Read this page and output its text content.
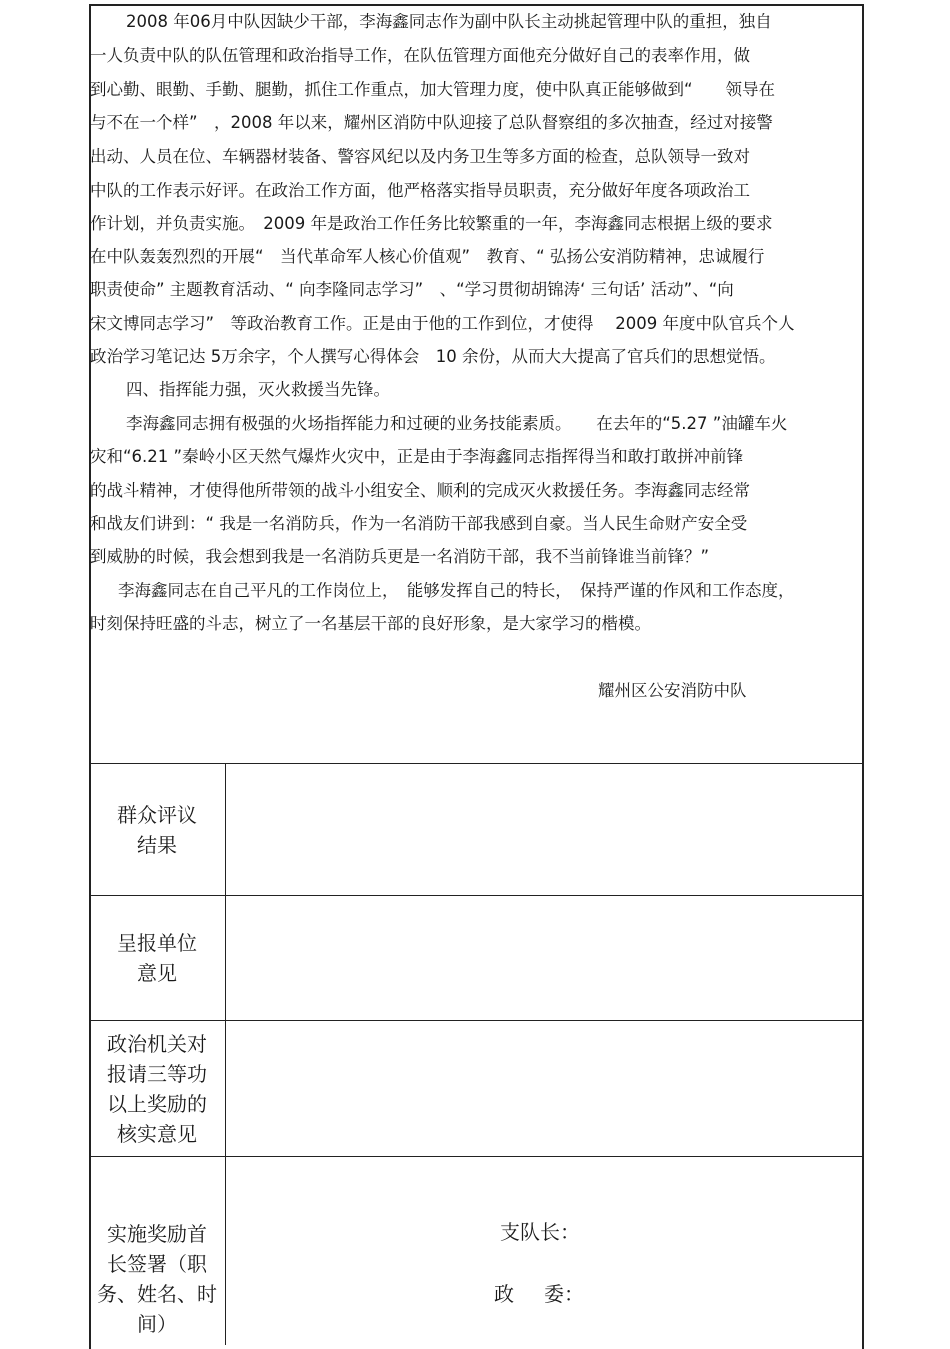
2008 年06月中队因缺少干部，李海鑫同志作为副中队长主动挑起管理中队的重担，独自
一人负责中队的队伍管理和政治指导工作，在队伍管理方面他充分做好自己的表率作用，做
到心勤、眼勤、手勤、腿勤，抓住工作重点，加大管理力度，使中队真正能够做到“　　领导在
与不在一个样”　，2008 年以来，耀州区消防中队迎接了总队督察组的多次抽查，经过对接警
出动、人员在位、车辆器材装备、警容风纪以及内务卫生等多方面的检查，总队领导一致对
中队的工作表示好评。在政治工作方面，他严格落实指导员职责，充分做好年度各项政治工
作计划，并负责实施。　2009 年是政治工作任务比较繁重的一年，李海鑫同志根据上级的要求
在中队轰轰烈烈的开展“　当代革命军人核心价值观”　教育、“ 弘扬公安消防精神，忠诚履行
职责使命” 主题教育活动、“ 向李隆同志学习”　、“学习贯彻胡锦涛‘ 三句话’ 活动”、“向
宋文博同志学习”　等政治教育工作。正是由于他的工作到位，才使得　 2009 年度中队官兵个人
政治学习笔记达 5万余字，个人撰写心得体会　10 余份，从而大大提高了官兵们的思想觉悟。
四、指挥能力强，灭火救援当先锋。
李海鑫同志拥有极强的火场指挥能力和过硬的业务技能素质。　　在去年的“5.27 ”油罐车火
灾和“6.21 ”秦岭小区天然气爆炸火灾中，正是由于李海鑫同志指挥得当和敢打敢拼冲前锋
的战斗精神，才使得他所带领的战斗小组安全、顺利的完成灭火救援任务。李海鑫同志经常
和战友们讲到：“ 我是一名消防兵，作为一名消防干部我感到自豪。当人民生命财产安全受
到威胁的时候，我会想到我是一名消防兵更是一名消防干部，我不当前锋谁当前锋？”
李海鑫同志在自己平凡的工作岗位上，　能够发挥自己的特长，　保持严谨的作风和工作态度，
时刻保持旺盛的斗志，树立了一名基层干部的良好形象，是大家学习的楷模。
耀州区公安消防中队
群众评议
结果
呈报单位
意见
政治机关对
报请三等功
以上奖励的
核实意见
实施奖励首
长签署（职
务、姓名、时
间）
支队长：
政 委：
